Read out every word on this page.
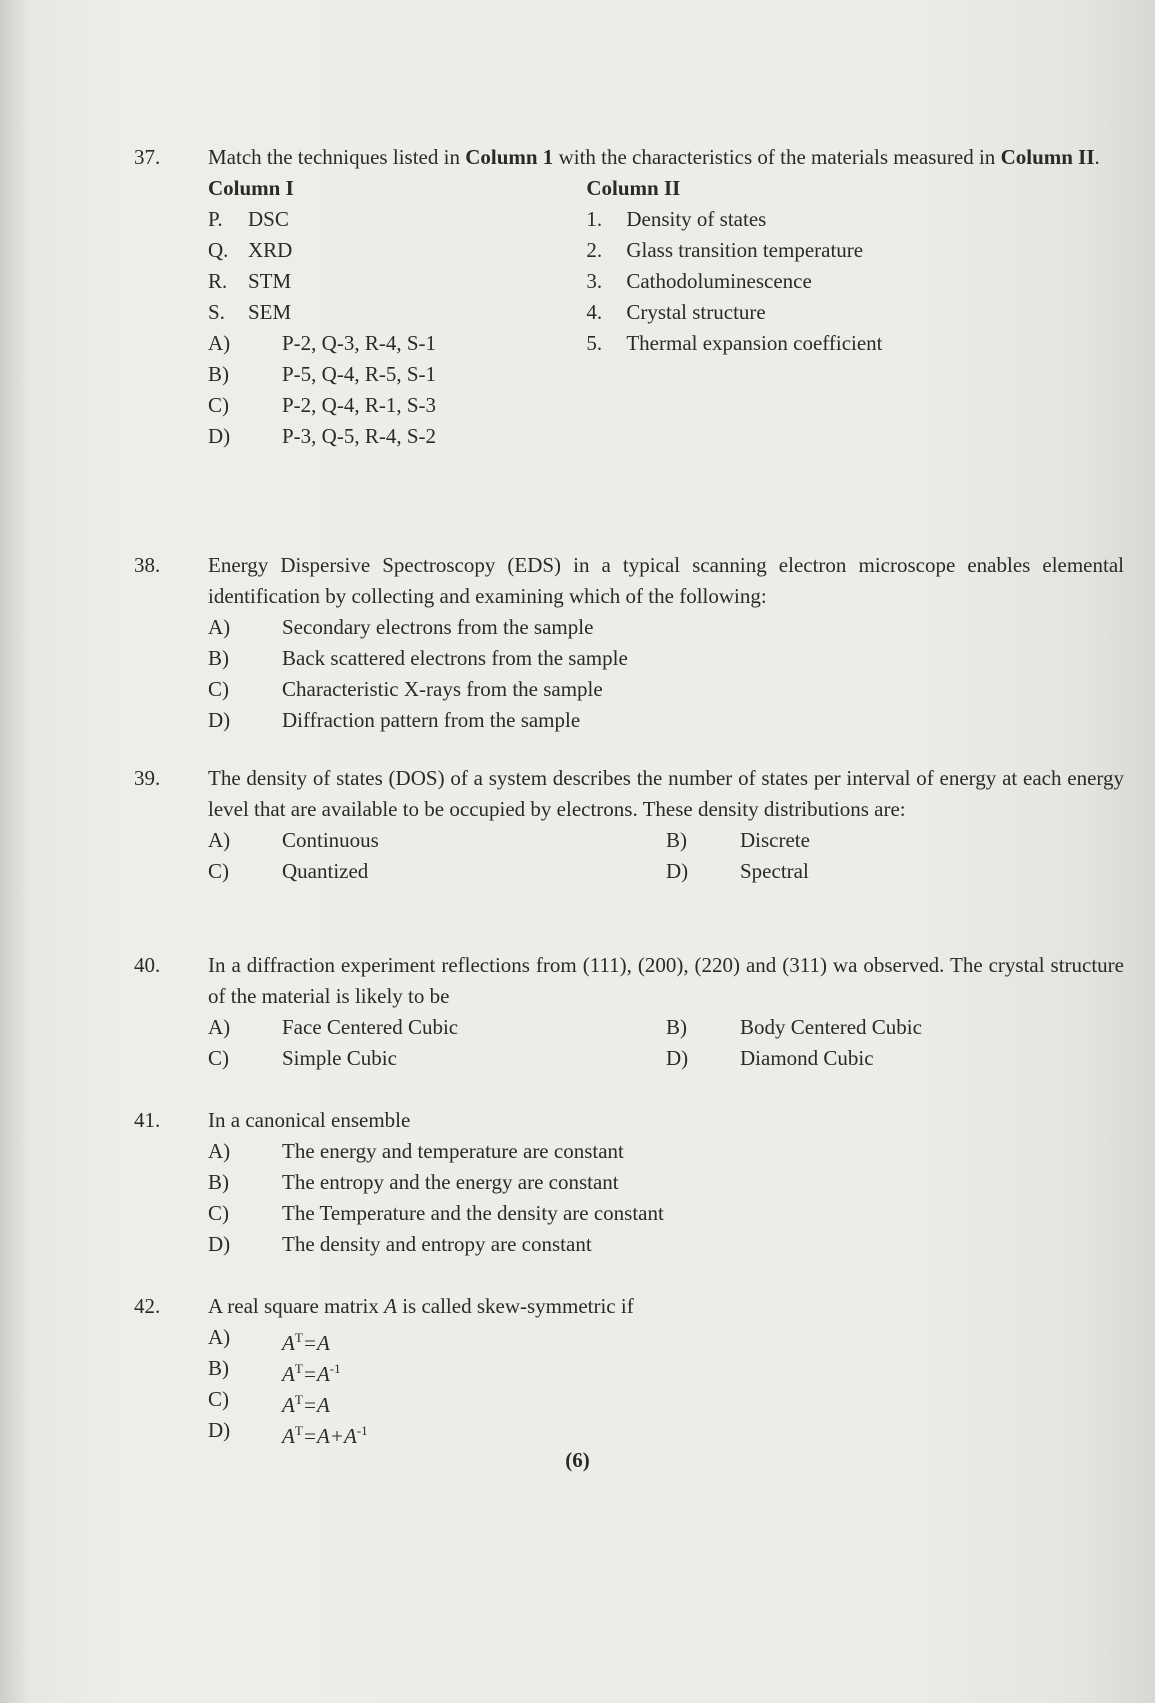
37. Match the techniques listed in Column 1 with the characteristics of the materials measured in Column II.
Column I
P.	DSC
Q. XRD
R. STM
S.	SEM
Column II
1.	Density of states
2.	Glass transition temperature
3.	Cathodoluminescence
4.	Crystal structure
5.	Thermal expansion coefficient
A)	P-2, Q-3, R-4, S-1
B)	P-5, Q-4, R-5, S-1
C)	P-2, Q-4, R-1, S-3
D)	P-3, Q-5, R-4, S-2
38. Energy Dispersive Spectroscopy (EDS) in a typical scanning electron microscope enables elemental identification by collecting and examining which of the following:
A)	Secondary electrons from the sample
B)	Back scattered electrons from the sample
C)	Characteristic X-rays from the sample
D)	Diffraction pattern from the sample
39. The density of states (DOS) of a system describes the number of states per interval of energy at each energy level that are available to be occupied by electrons. These density distributions are:
A)	Continuous	B)	Discrete
C)	Quantized	D)	Spectral
40. In a diffraction experiment reflections from (111), (200), (220) and (311) wa observed. The crystal structure of the material is likely to be
A)	Face Centered Cubic	B)	Body Centered Cubic
C)	Simple Cubic	D)	Diamond Cubic
41. In a canonical ensemble
A)	The energy and temperature are constant
B)	The entropy and the energy are constant
C)	The Temperature and the density are constant
D)	The density and entropy are constant
42. A real square matrix A is called skew-symmetric if
A)	$A^T=A$
B)	$A^T=A^{-1}$
C)	$A^T=A$
D)	$A^T=A+A^{-1}$
(6)
